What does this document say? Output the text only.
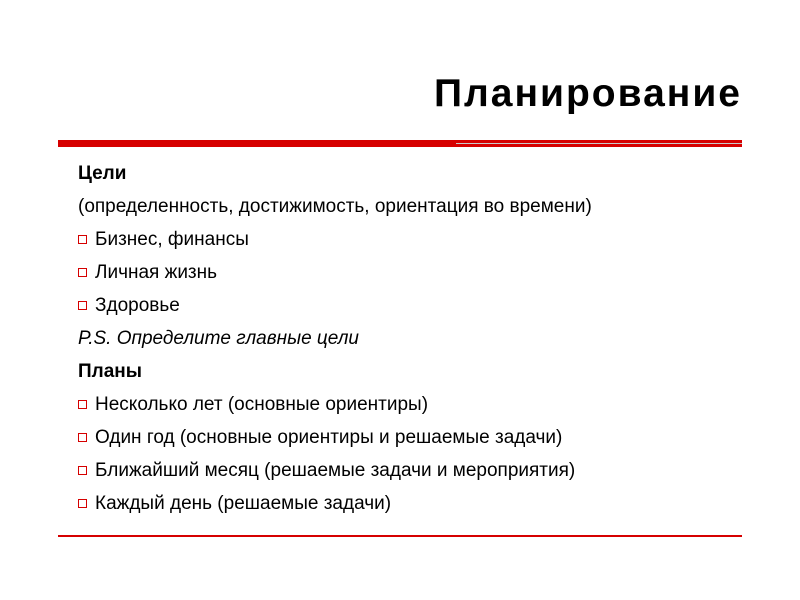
Планирование
Цели
(определенность, достижимость, ориентация во времени)
Бизнес, финансы
Личная жизнь
Здоровье
P.S. Определите главные цели
Планы
Несколько лет (основные ориентиры)
Один год (основные ориентиры и решаемые задачи)
Ближайший месяц (решаемые задачи и мероприятия)
Каждый день (решаемые задачи)
